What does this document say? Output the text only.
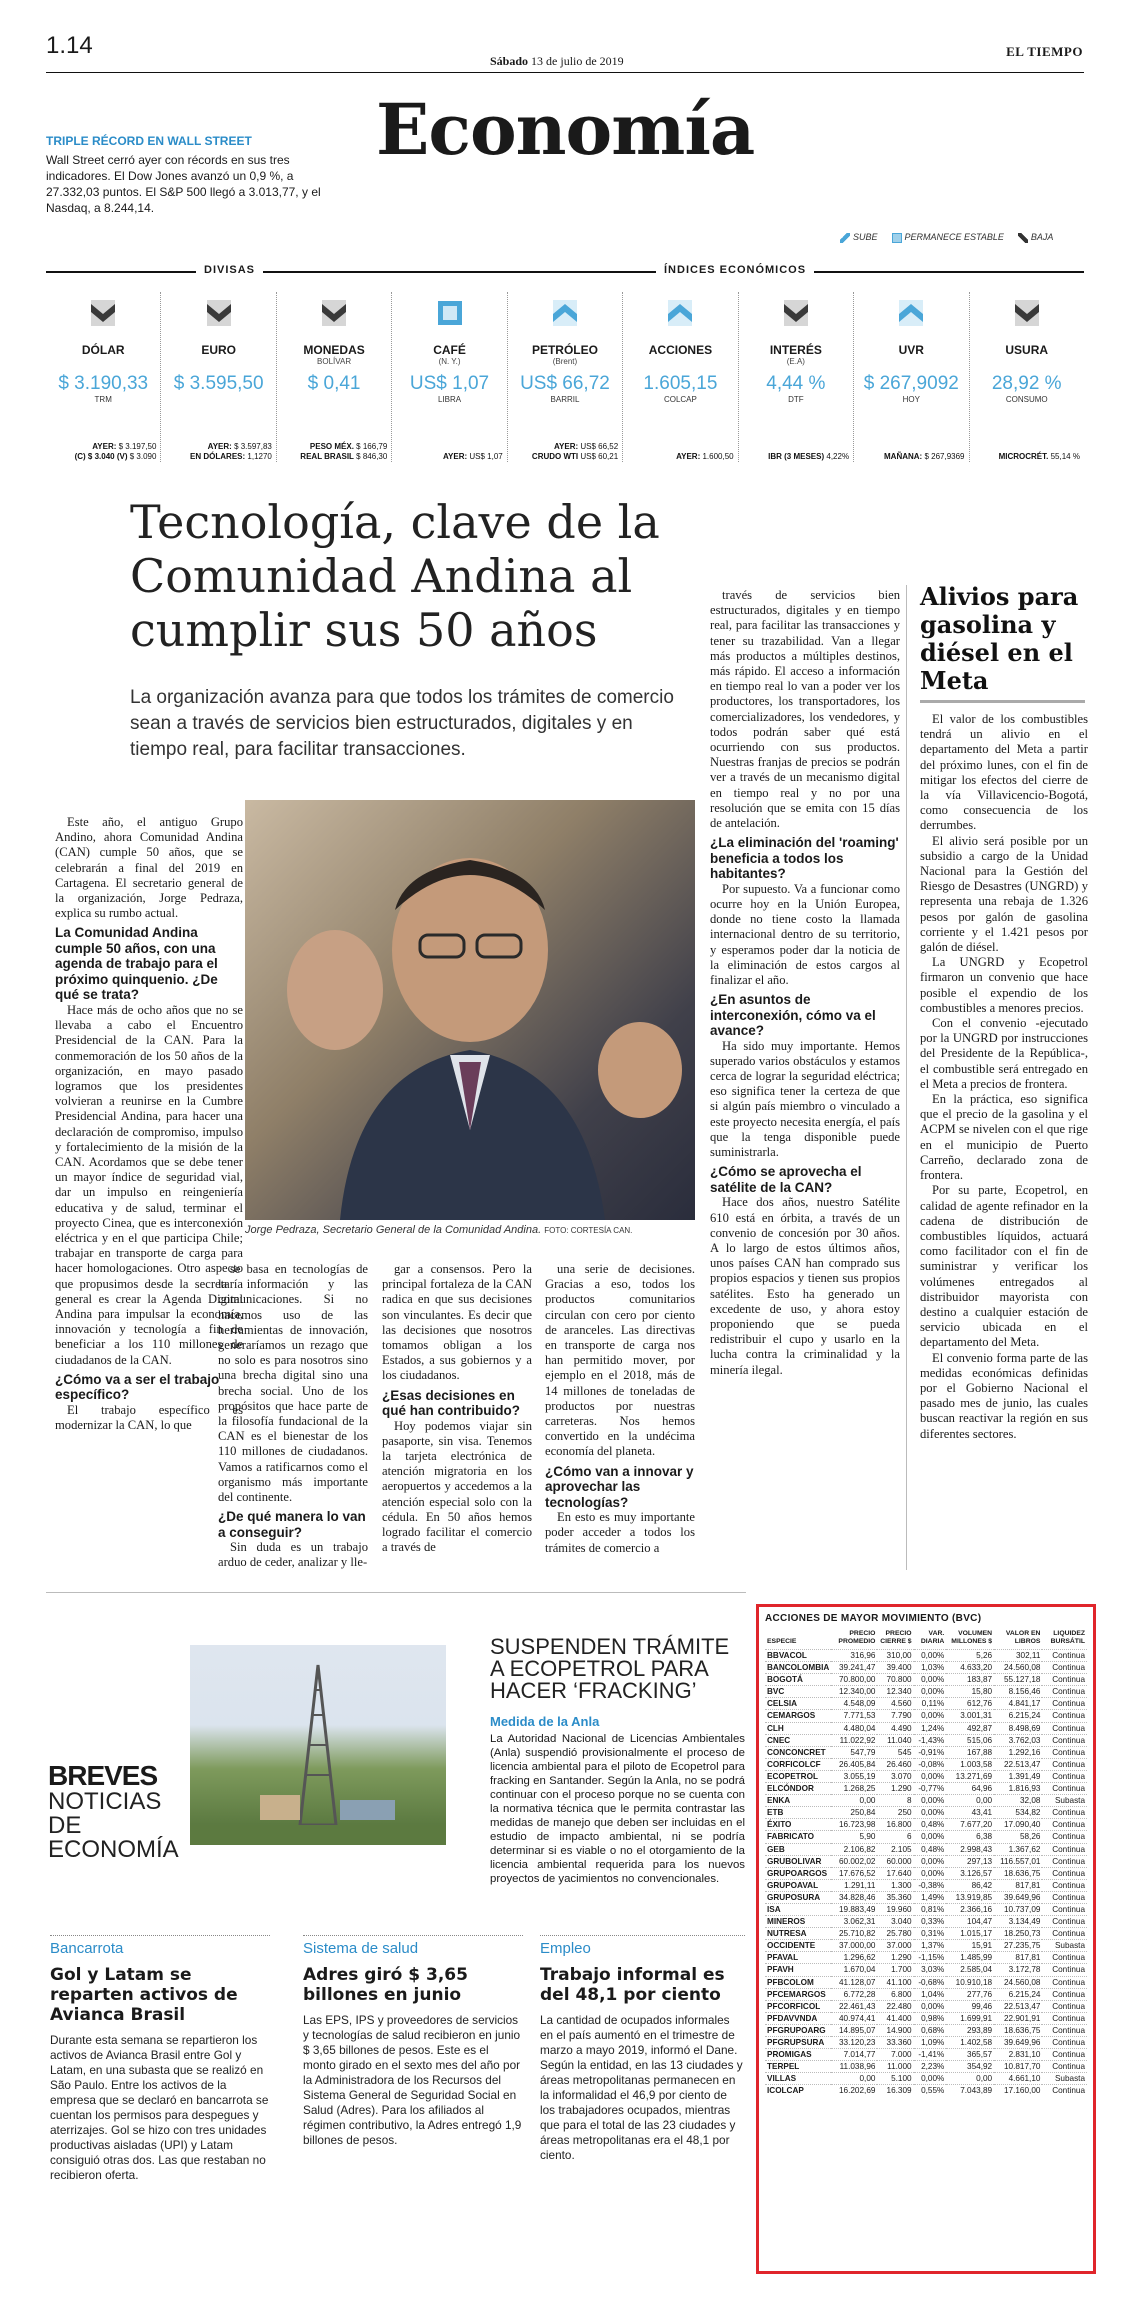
1.14
Sábado 13 de julio de 2019
EL TIEMPO
Economía
TRIPLE RÉCORD EN WALL STREET
Wall Street cerró ayer con récords en sus tres indicadores. El Dow Jones avanzó un 0,9 %, a 27.332,03 puntos. El S&P 500 llegó a 3.013,77, y el Nasdaq, a 8.244,14.
SUBE	PERMANECE ESTABLE	BAJA
DIVISAS	ÍNDICES ECONÓMICOS
DÓLAR
$ 3.190,33
TRM
AYER: $ 3.197,50
(C) $ 3.040 (V) $ 3.090
EURO
$ 3.595,50
AYER: $ 3.597,83
EN DÓLARES: 1,1270
MONEDAS
BOLÍVAR
$ 0,41
PESO MÉX. $ 166,79
REAL BRASIL $ 846,30
CAFÉ
(N. Y.)
US$ 1,07
LIBRA
AYER: US$ 1,07
PETRÓLEO
(Brent)
US$ 66,72
BARRIL
AYER: US$ 66,52
CRUDO WTI US$ 60,21
ACCIONES
1.605,15
COLCAP
AYER: 1.600,50
INTERÉS
(E.A)
4,44 %
DTF
IBR (3 MESES) 4,22%
UVR
$ 267,9092
HOY
MAÑANA: $ 267,9369
USURA
28,92 %
CONSUMO
MICROCRÉT. 55,14 %
Tecnología, clave de la Comunidad Andina al cumplir sus 50 años
La organización avanza para que todos los trámites de comercio sean a través de servicios bien estructurados, digitales y en tiempo real, para facilitar transacciones.

Este año, el antiguo Grupo Andino, ahora Comunidad Andina (CAN) cumple 50 años, que se celebrarán a final del 2019 en Cartagena. El secretario general de la organización, Jorge Pedraza, explica su rumbo actual.

La Comunidad Andina cumple 50 años, con una agenda de trabajo para el próximo quinquenio. ¿De qué se trata?

Hace más de ocho años que no se llevaba a cabo el Encuentro Presidencial de la CAN. Para la conmemoración de los 50 años de la organización, en mayo pasado logramos que los presidentes volvieran a reunirse en la Cumbre Presidencial Andina, para hacer una declaración de compromiso, impulso y fortalecimiento de la misión de la CAN. Acordamos que se debe tener un mayor índice de seguridad vial, dar un impulso en reingeniería educativa y de salud, terminar el proyecto Cinea, que es interconexión eléctrica y en el que participa Chile; trabajar en transporte de carga para hacer homologaciones. Otro aspecto que propusimos desde la secretaría general es crear la Agenda Digital Andina para impulsar la economía, innovación y tecnología a fin de beneficiar a los 110 millones de ciudadanos de la CAN.

¿Cómo va a ser el trabajo específico?

El trabajo específico es modernizar la CAN, lo que

se basa en tecnologías de la información y las comunicaciones. Si no hacemos uso de las herramientas de innovación, generaríamos un rezago que no solo es para nosotros sino una brecha digital sino una brecha social. Uno de los propósitos que hace parte de la filosofía fundacional de la CAN es el bienestar de los 110 millones de ciudadanos. Vamos a ratificarnos como el organismo más importante del continente.

¿De qué manera lo van a conseguir?

Sin duda es un trabajo arduo de ceder, analizar y lle-

gar a consensos. Pero la principal fortaleza de la CAN radica en que sus decisiones son vinculantes. Es decir que las decisiones que nosotros tomamos obligan a los Estados, a sus gobiernos y a los ciudadanos.

¿Esas decisiones en qué han contribuido?

Hoy podemos viajar sin pasaporte, sin visa. Tenemos la tarjeta electrónica de atención migratoria en los aeropuertos y accedemos a la atención especial solo con la cédula. En 50 años hemos logrado facilitar el comercio a través de

una serie de decisiones. Gracias a eso, todos los productos comunitarios circulan con cero por ciento de aranceles. Las directivas en transporte de carga nos han permitido mover, por ejemplo en el 2018, más de 14 millones de toneladas de productos por nuestras carreteras. Nos hemos convertido en la undécima economía del planeta.

¿Cómo van a innovar y aprovechar las tecnologías?

En esto es muy importante poder acceder a todos los trámites de comercio a

través de servicios bien estructurados, digitales y en tiempo real, para facilitar las transacciones y tener su trazabilidad. Van a llegar más productos a múltiples destinos, más rápido. El acceso a información en tiempo real lo van a poder ver los productores, los transportadores, los comercializadores, los vendedores, y todos podrán saber qué está ocurriendo con sus productos. Nuestras franjas de precios se podrán ver a través de un mecanismo digital en tiempo real y no por una resolución que se emita con 15 días de antelación.

¿La eliminación del 'roaming' beneficia a todos los habitantes?

Por supuesto. Va a funcionar como ocurre hoy en la Unión Europea, donde no tiene costo la llamada internacional dentro de su territorio, y esperamos poder dar la noticia de la eliminación de estos cargos al finalizar el año.

¿En asuntos de interconexión, cómo va el avance?

Ha sido muy importante. Hemos superado varios obstáculos y estamos cerca de lograr la seguridad eléctrica; eso significa tener la certeza de que si algún país miembro o vinculado a este proyecto necesita energía, el país que la tenga disponible puede suministrarla.

¿Cómo se aprovecha el satélite de la CAN?

Hace dos años, nuestro Satélite 610 está en órbita, a través de un convenio de concesión por 30 años. A lo largo de estos últimos años, unos países CAN han comprado sus propios espacios y tienen sus propios satélites. Esto ha generado un excedente de uso, y ahora estoy proponiendo que se pueda redistribuir el cupo y usarlo en la lucha contra la criminalidad y la minería ilegal.

Jorge Pedraza, Secretario General de la Comunidad Andina. FOTO: CORTESÍA CAN.
Alivios para gasolina y diésel en el Meta

El valor de los combustibles tendrá un alivio en el departamento del Meta a partir del próximo lunes, con el fin de mitigar los efectos del cierre de la vía Villavicencio-Bogotá, como consecuencia de los derrumbes.

El alivio será posible por un subsidio a cargo de la Unidad Nacional para la Gestión del Riesgo de Desastres (UNGRD) y representa una rebaja de 1.326 pesos por galón de gasolina corriente y el 1.421 pesos por galón de diésel.

La UNGRD y Ecopetrol firmaron un convenio que hace posible el expendio de los combustibles a menores precios.

Con el convenio -ejecutado por la UNGRD por instrucciones del Presidente de la República-, el combustible será entregado en el Meta a precios de frontera.

En la práctica, eso significa que el precio de la gasolina y el ACPM se nivelen con el que rige en el municipio de Puerto Carreño, declarado zona de frontera.

Por su parte, Ecopetrol, en calidad de agente refinador en la cadena de distribución de combustibles líquidos, actuará como facilitador con el fin de suministrar y verificar los volúmenes entregados al distribuidor mayorista con destino a cualquier estación de servicio ubicada en el departamento del Meta.

El convenio forma parte de las medidas económicas definidas por el Gobierno Nacional el pasado mes de junio, las cuales buscan reactivar la región en sus diferentes sectores.

BREVES
NOTICIAS DE ECONOMÍA
SUSPENDEN TRÁMITE A ECOPETROL PARA HACER ‘FRACKING’
Medida de la Anla
La Autoridad Nacional de Licencias Ambientales (Anla) suspendió provisionalmente el proceso de licencia ambiental para el piloto de Ecopetrol para fracking en Santander. Según la Anla, no se podrá continuar con el proceso porque no se cuenta con la normativa técnica que le permita contrastar las medidas de manejo que deben ser incluidas en el estudio de impacto ambiental, ni se podría determinar si es viable o no el otorgamiento de la licencia ambiental requerida para los nuevos proyectos de yacimientos no convencionales.
Bancarrota
Gol y Latam se reparten activos de Avianca Brasil
Durante esta semana se repartieron los activos de Avianca Brasil entre Gol y Latam, en una subasta que se realizó en São Paulo. Entre los activos de la empresa que se declaró en bancarrota se cuentan los permisos para despegues y aterrizajes. Gol se hizo con tres unidades productivas aisladas (UPI) y Latam consiguió otras dos. Las que restaban no recibieron oferta.
Sistema de salud
Adres giró $ 3,65 billones en junio
Las EPS, IPS y proveedores de servicios y tecnologías de salud recibieron en junio $ 3,65 billones de pesos. Este es el monto girado en el sexto mes del año por la Administradora de los Recursos del Sistema General de Seguridad Social en Salud (Adres). Para los afiliados al régimen contributivo, la Adres entregó 1,9 billones de pesos.
Empleo
Trabajo informal es del 48,1 por ciento
La cantidad de ocupados informales en el país aumentó en el trimestre de marzo a mayo 2019, informó el Dane. Según la entidad, en las 13 ciudades y áreas metropolitanas permanecen en la informalidad el 46,9 por ciento de los trabajadores ocupados, mientras que para el total de las 23 ciudades y áreas metropolitanas era el 48,1 por ciento.
ACCIONES DE MAYOR MOVIMIENTO (BVC)
ESPECIE	PRECIO PROMEDIO	PRECIO CIERRE $	VAR. DIARIA	VOLUMEN MILLONES $	VALOR EN LIBROS	LIQUIDEZ BURSÁTIL
BBVACOL	316,96	310,00	0,00%	5,26	302,11	Continua
BANCOLOMBIA	39.241,47	39.400	1,03%	4.633,20	24.560,08	Continua
BOGOTÁ	70.800,00	70.800	0,00%	183,87	55.127,18	Continua
BVC	12.340,00	12.340	0,00%	15,80	8.156,46	Continua
CELSIA	4.548,09	4.560	0,11%	612,76	4.841,17	Continua
CEMARGOS	7.771,53	7.790	0,00%	3.001,31	6.215,24	Continua
CLH	4.480,04	4.490	1,24%	492,87	8.498,69	Continua
CNEC	11.022,92	11.040	-1,43%	515,06	3.762,03	Continua
CONCONCRET	547,79	545	-0,91%	167,88	1.292,16	Continua
CORFICOLCF	26.405,84	26.460	-0,08%	1.003,58	22.513,47	Continua
ECOPETROL	3.055,19	3.070	0,00%	13.271,69	1.391,49	Continua
ELCÓNDOR	1.268,25	1.290	-0,77%	64,96	1.816,93	Continua
ENKA	0,00	8	0,00%	0,00	32,08	Subasta
ETB	250,84	250	0,00%	43,41	534,82	Continua
ÉXITO	16.723,98	16.800	0,48%	7.677,20	17.090,40	Continua
FABRICATO	5,90	6	0,00%	6,38	58,26	Continua
GEB	2.106,82	2.105	0,48%	2.998,43	1.367,62	Continua
GRUBOLIVAR	60.002,02	60.000	0,00%	297,13	116.557,01	Continua
GRUPOARGOS	17.676,52	17.640	0,00%	3.126,57	18.636,75	Continua
GRUPOAVAL	1.291,11	1.300	-0,38%	86,42	817,81	Continua
GRUPOSURA	34.828,46	35.360	1,49%	13.919,85	39.649,96	Continua
ISA	19.883,49	19.960	0,81%	2.366,16	10.737,09	Continua
MINEROS	3.062,31	3.040	0,33%	104,47	3.134,49	Continua
NUTRESA	25.710,82	25.780	0,31%	1.015,17	18.250,73	Continua
OCCIDENTE	37.000,00	37.000	1,37%	15,91	27.235,75	Subasta
PFAVAL	1.296,62	1.290	-1,15%	1.485,99	817,81	Continua
PFAVH	1.670,04	1.700	3,03%	2.585,04	3.172,78	Continua
PFBCOLOM	41.128,07	41.100	-0,68%	10.910,18	24.560,08	Continua
PFCEMARGOS	6.772,28	6.800	1,04%	277,76	6.215,24	Continua
PFCORFICOL	22.461,43	22.480	0,00%	99,46	22.513,47	Continua
PFDAVVNDA	40.974,41	41.400	0,98%	1.699,91	22.901,91	Continua
PFGRUPOARG	14.895,07	14.900	0,68%	293,89	18.636,75	Continua
PFGRUPSURA	33.120,23	33.360	1,09%	1.402,58	39.649,96	Continua
PROMIGAS	7.014,77	7.000	-1,41%	365,57	2.831,10	Continua
TERPEL	11.038,96	11.000	2,23%	354,92	10.817,70	Continua
VILLAS	0,00	5.100	0,00%	0,00	4.661,10	Subasta
ICOLCAP	16.202,69	16.309	0,55%	7.043,89	17.160,00	Continua
